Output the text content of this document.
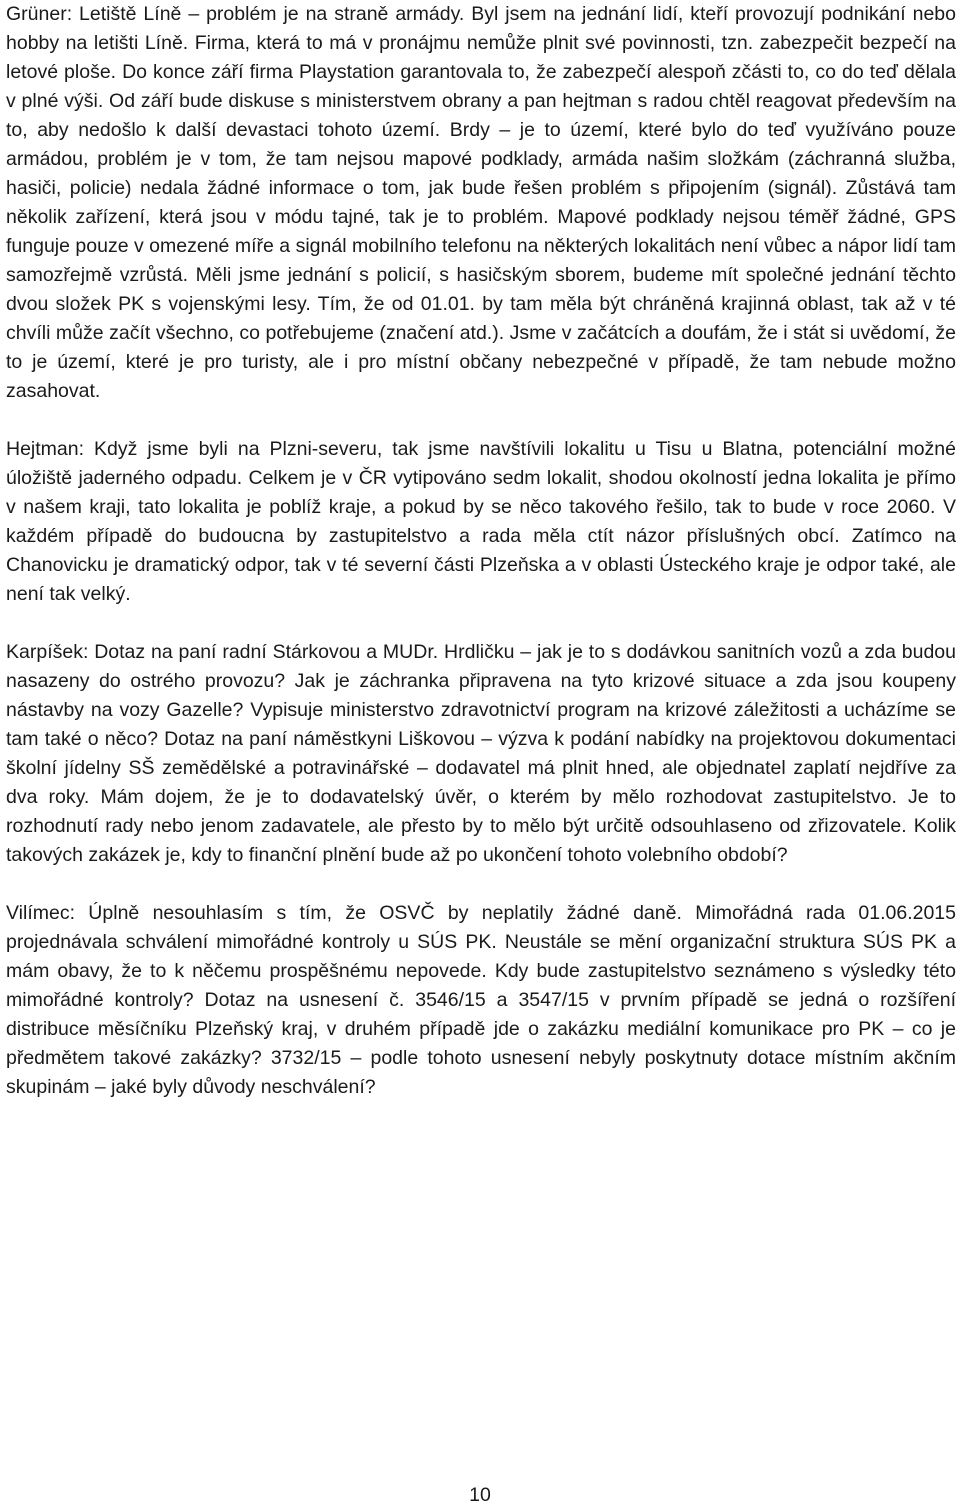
Grüner: Letiště Líně – problém je na straně armády. Byl jsem na jednání lidí, kteří provozují podnikání nebo hobby na letišti Líně. Firma, která to má v pronájmu nemůže plnit své povinnosti, tzn. zabezpečit bezpečí na letové ploše. Do konce září firma Playstation garantovala to, že zabezpečí alespoň zčásti to, co do teď dělala v plné výši. Od září bude diskuse s ministerstvem obrany a pan hejtman s radou chtěl reagovat především na to, aby nedošlo k další devastaci tohoto území. Brdy – je to území, které bylo do teď využíváno pouze armádou, problém je v tom, že tam nejsou mapové podklady, armáda našim složkám (záchranná služba, hasiči, policie) nedala žádné informace o tom, jak bude řešen problém s připojením (signál). Zůstává tam několik zařízení, která jsou v módu tajné, tak je to problém. Mapové podklady nejsou téměř žádné, GPS funguje pouze v omezené míře a signál mobilního telefonu na některých lokalitách není vůbec a nápor lidí tam samozřejmě vzrůstá. Měli jsme jednání s policií, s hasičským sborem, budeme mít společné jednání těchto dvou složek PK s vojenskými lesy. Tím, že od 01.01. by tam měla být chráněná krajinná oblast, tak až v té chvíli může začít všechno, co potřebujeme (značení atd.). Jsme v začátcích a doufám, že i stát si uvědomí, že to je území, které je pro turisty, ale i pro místní občany nebezpečné v případě, že tam nebude možno zasahovat.

Hejtman: Když jsme byli na Plzni-severu, tak jsme navštívili lokalitu u Tisu u Blatna, potenciální možné úložiště jaderného odpadu. Celkem je v ČR vytipováno sedm lokalit, shodou okolností jedna lokalita je přímo v našem kraji, tato lokalita je poblíž kraje, a pokud by se něco takového řešilo, tak to bude v roce 2060. V každém případě do budoucna by zastupitelstvo a rada měla ctít názor příslušných obcí. Zatímco na Chanovicku je dramatický odpor, tak v té severní části Plzeňska a v oblasti Ústeckého kraje je odpor také, ale není tak velký.

Karpíšek: Dotaz na paní radní Stárkovou a MUDr. Hrdličku – jak je to s dodávkou sanitních vozů a zda budou nasazeny do ostrého provozu? Jak je záchranka připravena na tyto krizové situace a zda jsou koupeny nástavby na vozy Gazelle? Vypisuje ministerstvo zdravotnictví program na krizové záležitosti a ucházíme se tam také o něco? Dotaz na paní náměstkyni Liškovou – výzva k podání nabídky na projektovou dokumentaci školní jídelny SŠ zemědělské a potravinářské – dodavatel má plnit hned, ale objednatel zaplatí nejdříve za dva roky. Mám dojem, že je to dodavatelský úvěr, o kterém by mělo rozhodovat zastupitelstvo. Je to rozhodnutí rady nebo jenom zadavatele, ale přesto by to mělo být určitě odsouhlaseno od zřizovatele. Kolik takových zakázek je, kdy to finanční plnění bude až po ukončení tohoto volebního období?

Vilímec: Úplně nesouhlasím s tím, že OSVČ by neplatily žádné daně. Mimořádná rada 01.06.2015 projednávala schválení mimořádné kontroly u SÚS PK. Neustále se mění organizační struktura SÚS PK a mám obavy, že to k něčemu prospěšnému nepovede. Kdy bude zastupitelstvo seznámeno s výsledky této mimořádné kontroly? Dotaz na usnesení č. 3546/15 a 3547/15 v prvním případě se jedná o rozšíření distribuce měsíčníku Plzeňský kraj, v druhém případě jde o zakázku mediální komunikace pro PK – co je předmětem takové zakázky? 3732/15 – podle tohoto usnesení nebyly poskytnuty dotace místním akčním skupinám – jaké byly důvody neschválení?

10
